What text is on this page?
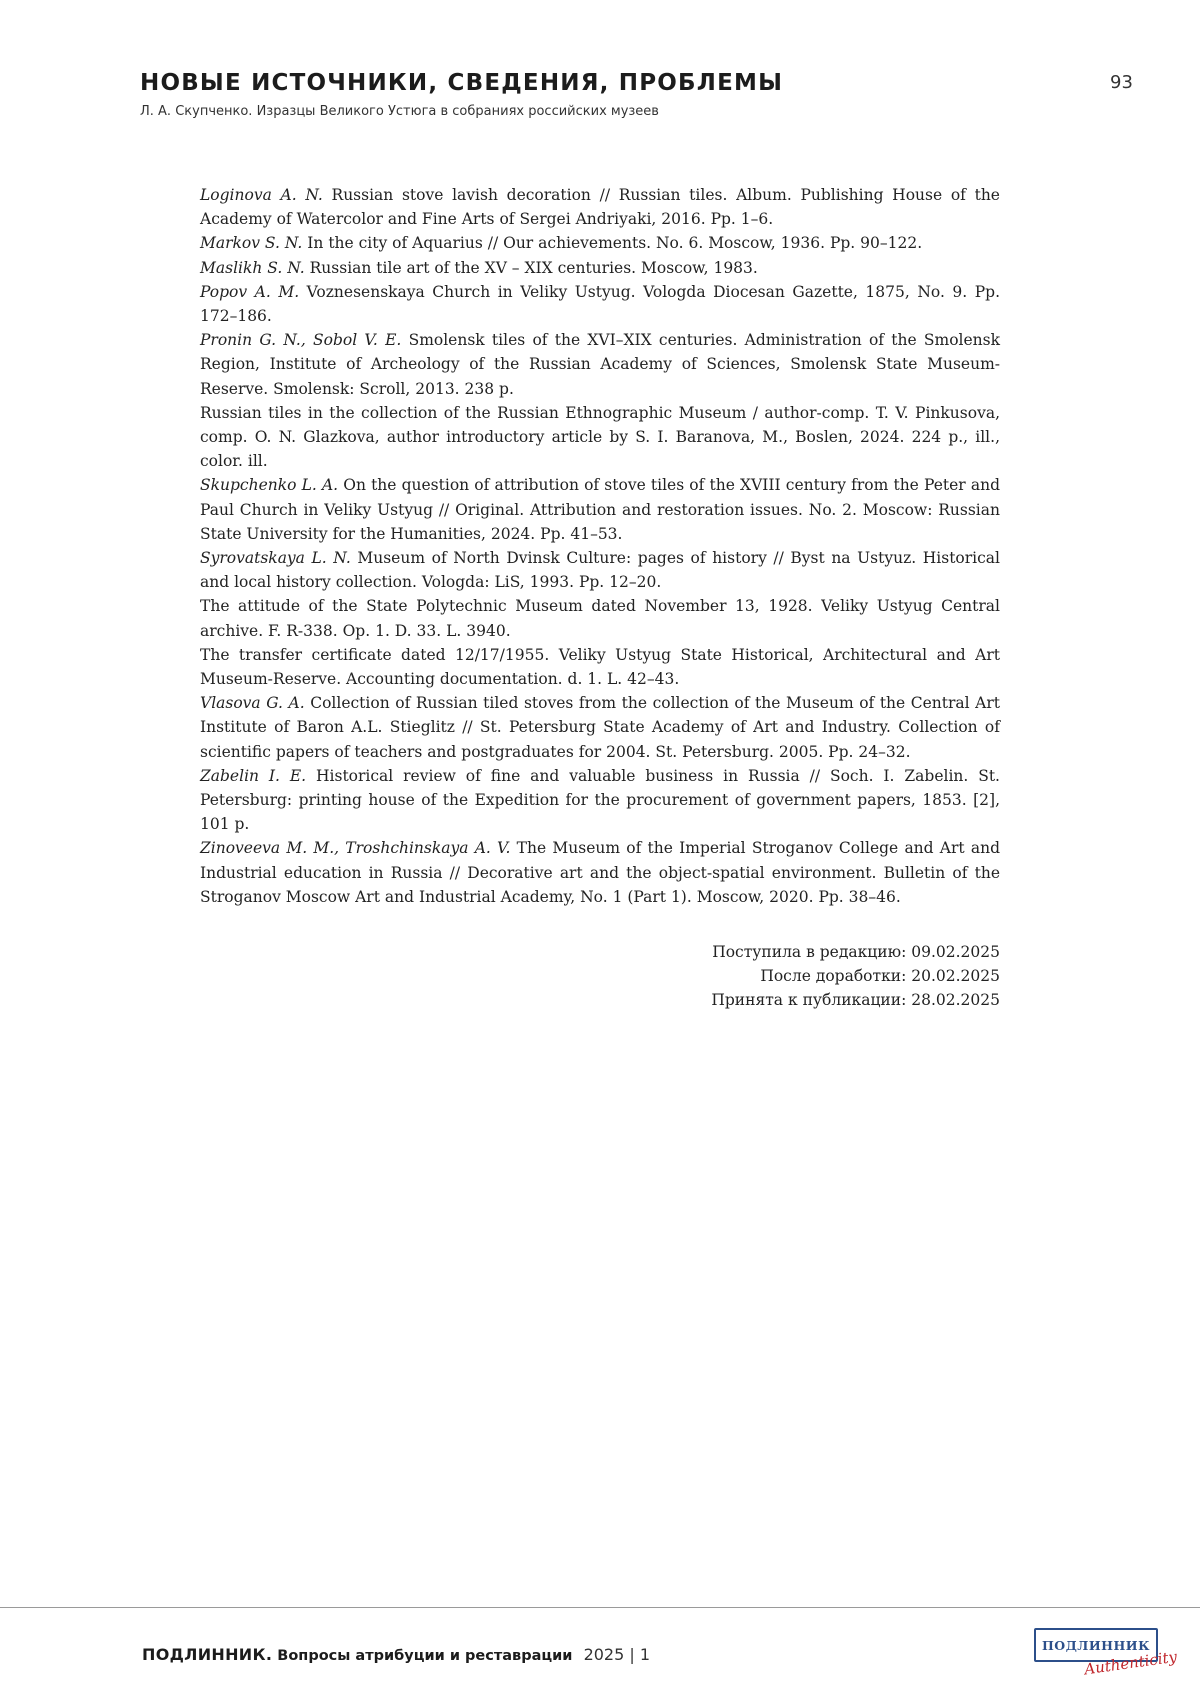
НОВЫЕ ИСТОЧНИКИ, СВЕДЕНИЯ, ПРОБЛЕМЫ
Л. А. Скупченко. Изразцы Великого Устюга в собраниях российских музеев
93

Loginova A. N. Russian stove lavish decoration // Russian tiles. Album. Publishing House of the Academy of Watercolor and Fine Arts of Sergei Andriyaki, 2016. Pp. 1–6.

Markov S. N. In the city of Aquarius // Our achievements. No. 6. Moscow, 1936. Pp. 90–122.

Maslikh S. N. Russian tile art of the XV – XIX centuries. Moscow, 1983.

Popov A. M. Voznesenskaya Church in Veliky Ustyug. Vologda Diocesan Gazette, 1875, No. 9. Pp. 172–186.

Pronin G. N., Sobol V. E. Smolensk tiles of the XVI–XIX centuries. Administration of the Smolensk Region, Institute of Archeology of the Russian Academy of Sciences, Smolensk State Museum-Reserve. Smolensk: Scroll, 2013. 238 p.

Russian tiles in the collection of the Russian Ethnographic Museum / author-comp. T. V. Pinkusova, comp. O. N. Glazkova, author introductory article by S. I. Baranova, M., Boslen, 2024. 224 p., ill., color. ill.

Skupchenko L. A. On the question of attribution of stove tiles of the XVIII century from the Peter and Paul Church in Veliky Ustyug // Original. Attribution and restoration issues. No. 2. Moscow: Russian State University for the Humanities, 2024. Pp. 41–53.

Syrovatskaya L. N. Museum of North Dvinsk Culture: pages of history // Byst na Ustyuz. Historical and local history collection. Vologda: LiS, 1993. Pp. 12–20.

The attitude of the State Polytechnic Museum dated November 13, 1928. Veliky Ustyug Central archive. F. R-338. Op. 1. D. 33. L. 3940.

The transfer certificate dated 12/17/1955. Veliky Ustyug State Historical, Architectural and Art Museum-Reserve. Accounting documentation. d. 1. L. 42–43.

Vlasova G. A. Collection of Russian tiled stoves from the collection of the Museum of the Central Art Institute of Baron A.L. Stieglitz // St. Petersburg State Academy of Art and Industry. Collection of scientific papers of teachers and postgraduates for 2004. St. Petersburg. 2005. Pp. 24–32.

Zabelin I. E. Historical review of fine and valuable business in Russia // Soch. I. Zabelin. St. Petersburg: printing house of the Expedition for the procurement of government papers, 1853. [2], 101 p.

Zinoveeva M. M., Troshchinskaya A. V. The Museum of the Imperial Stroganov College and Art and Industrial education in Russia // Decorative art and the object-spatial environment. Bulletin of the Stroganov Moscow Art and Industrial Academy, No. 1 (Part 1). Moscow, 2020. Pp. 38–46.

Поступила в редакцию: 09.02.2025
После доработки: 20.02.2025
Принята к публикации: 28.02.2025
ПОДЛИННИК. Вопросы атрибуции и реставрации 2025 | 1	ПОДЛИННИК
Authenticity
